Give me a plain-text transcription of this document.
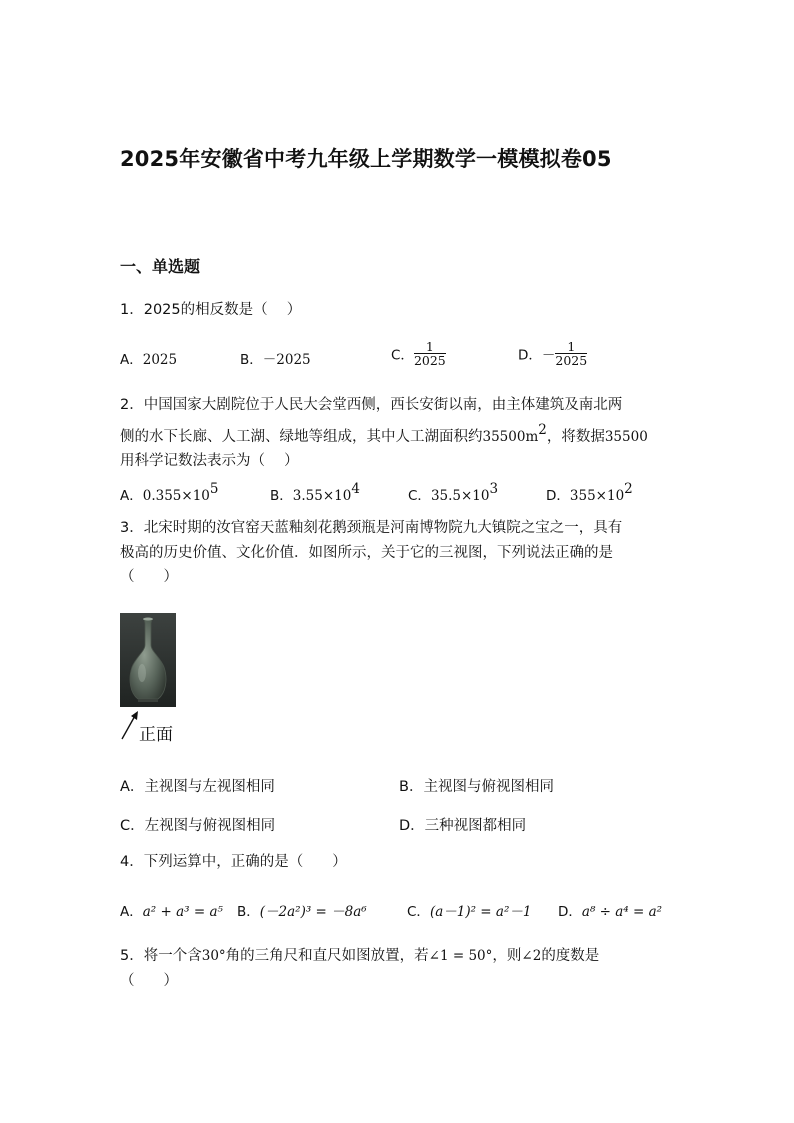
2025年安徽省中考九年级上学期数学一模模拟卷05
一、单选题
1．2025的相反数是（　 ）
A．2025	B．－2025	C． $\frac{1}{2025}$	D．－ $\frac{1}{2025}$
2．中国国家大剧院位于人民大会堂西侧，西长安街以南，由主体建筑及南北两
侧的水下长廊、人工湖、绿地等组成，其中人工湖面积约$35500m^2$，将数据35500
用科学记数法表示为（　 ）
A．$0.355\times 10^5$	B．$3.55\times 10^4$	C．$35.5\times 10^3$	D．$355\times 10^2$
3．北宋时期的汝官窑天蓝釉刻花鹅颈瓶是河南博物院九大镇院之宝之一，具有
极高的历史价值、文化价值．如图所示，关于它的三视图，下列说法正确的是
（　　）
正面
A．主视图与左视图相同	B．主视图与俯视图相同
C．左视图与俯视图相同	D．三种视图都相同
4．下列运算中，正确的是（　　）
A．a² + a³ = a⁵ B．(－2a²)³ = －8a⁶	C．(a－1)² = a²－1 D．a⁸ ÷ a⁴ = a²
5．将一个含30°角的三角尺和直尺如图放置，若∠1 = 50°，则∠2的度数是
（　　）
